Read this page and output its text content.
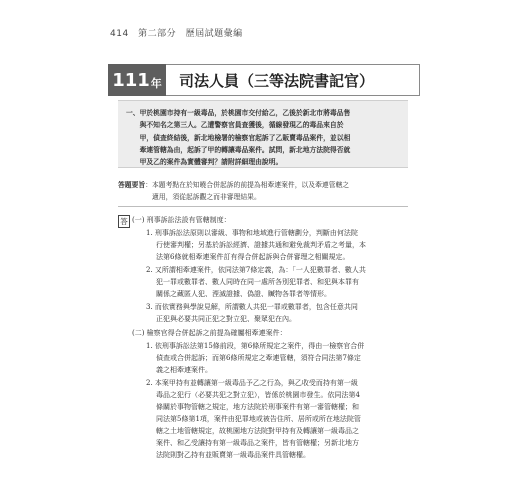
414 第二部分　歷屆試題彙編
111 年 司法人員（三等法院書記官）
一、甲於桃園市持有一級毒品，於桃園市交付給乙，乙後於新北市將毒品售
　　與不知名之第三人。乙遭警察官員查獲後，循線發現乙的毒品來自於
　　甲，偵查終結後，新北地檢署的檢察官起訴了乙販賣毒品案件，並以相
　　牽連管轄為由，起訴了甲的轉讓毒品案件。試問，新北地方法院得否就
　　甲及乙的案件為實體審判？請附詳細理由說明。
答題要旨：本題考點在於知曉合併起訴的前提為相牽連案件，以及牽連管轄之
適用，須從起訴觀之而非審理結果。
答 (一) 刑事訴訟法設有管轄制度：
1. 刑事訴訟法原則以審級、事物和地域進行管轄劃分，判斷由何法院
行使審判權；另基於訴訟經濟、證據共通和避免裁判矛盾之考量，本
法第6條就相牽連案件訂有得合併起訴與合併審理之相關規定。
2. 又所謂相牽連案件，依同法第7條定義，為：「一人犯數罪者、數人共
犯一罪或數罪者、數人同時在同一處所各別犯罪者、和犯與本罪有
關係之藏匿人犯、湮滅證據、偽證、贓物各罪者等情形。
3. 而依實務與學說見解，所謂數人共犯一罪或數罪者，包含任意共同
正犯與必要共同正犯之對立犯、聚眾犯在內。
(二) 檢察官得合併起訴之前提為確屬相牽連案件：
1. 依刑事訴訟法第15條前段，第6條所規定之案件，得由一檢察官合併
偵查或合併起訴；而第6條所規定之牽連管轄，須符合同法第7條定
義之相牽連案件。
2. 本案甲持有並轉讓第一級毒品予乙之行為，與乙收受而持有第一級
毒品之犯行（必要共犯之對立犯），皆係於桃園市發生。依同法第4
條關於事物管轄之規定，地方法院於刑事案件有第一審管轄權；和
同法第5條第1項，案件由犯罪地或被告住所、居所或所在地法院管
轄之土地管轄規定，故桃園地方法院對甲持有及轉讓第一級毒品之
案件、和乙受讓持有第一級毒品之案件，皆有管轄權；另新北地方
法院則對乙持有並販賣第一級毒品案件具管轄權。
